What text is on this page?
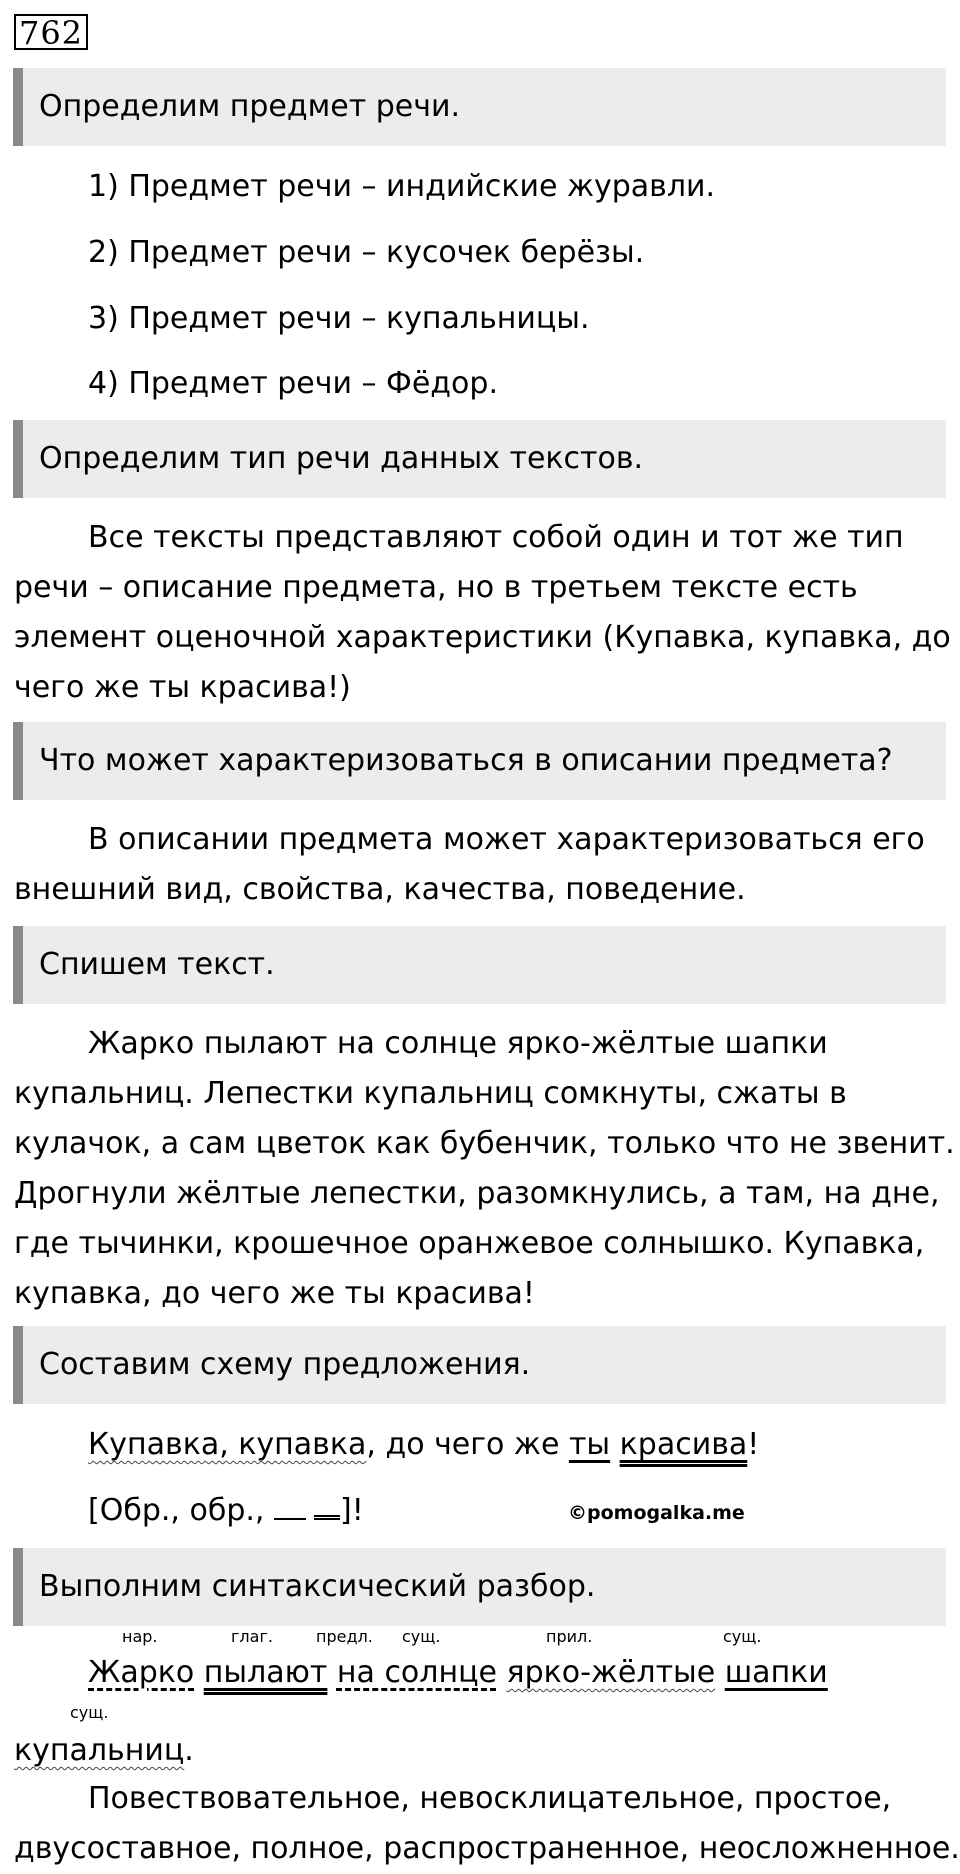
762
Определим предмет речи.
1) Предмет речи – индийские журавли.
2) Предмет речи – кусочек берёзы.
3) Предмет речи – купальницы.
4) Предмет речи – Фёдор.
Определим тип речи данных текстов.

Все тексты представляют собой один и тот же тип речи – описание предмета, но в третьем тексте есть элемент оценочной характеристики (Купавка, купавка, до чего же ты красива!)

Что может характеризоваться в описании предмета?

В описании предмета может характеризоваться его внешний вид, свойства, качества, поведение.

Спишем текст.

Жарко пылают на солнце ярко-жёлтые шапки купальниц. Лепестки купальниц сомкнуты, сжаты в кулачок, а сам цветок как бубенчик, только что не звенит. Дрогнули жёлтые лепестки, разомкнулись, а там, на дне, где тычинки, крошечное оранжевое солнышко. Купавка, купавка, до чего же ты красива!

Составим схему предложения.
Купавка, купавка, до чего же ты красива!
[Обр., обр., ]!	©pomogalka.me
Выполним синтаксический разбор.
нар.	глаг.	предл. сущ.	прил.	сущ.
Жарко пылают на солнце ярко-жёлтые шапки
сущ.
купальниц.

Повествовательное, невосклицательное, простое, двусоставное, полное, распространенное, неосложненное.
